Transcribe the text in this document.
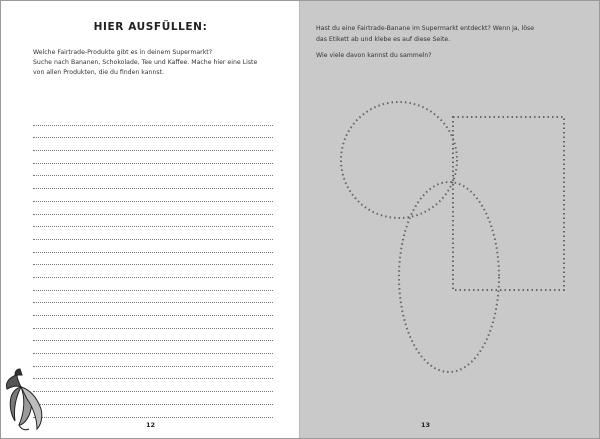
HIER AUSFÜLLEN:

Welche Fairtrade-Produkte gibt es in deinem Supermarkt?

Suche nach Bananen, Schokolade, Tee und Kaffee. Mache hier eine Liste

von allen Produkten, die du finden kannst.

12

Hast du eine Fairtrade-Banane im Supermarkt entdeckt? Wenn ja, löse

das Etikett ab und klebe es auf diese Seite.

Wie viele davon kannst du sammeln?

13
